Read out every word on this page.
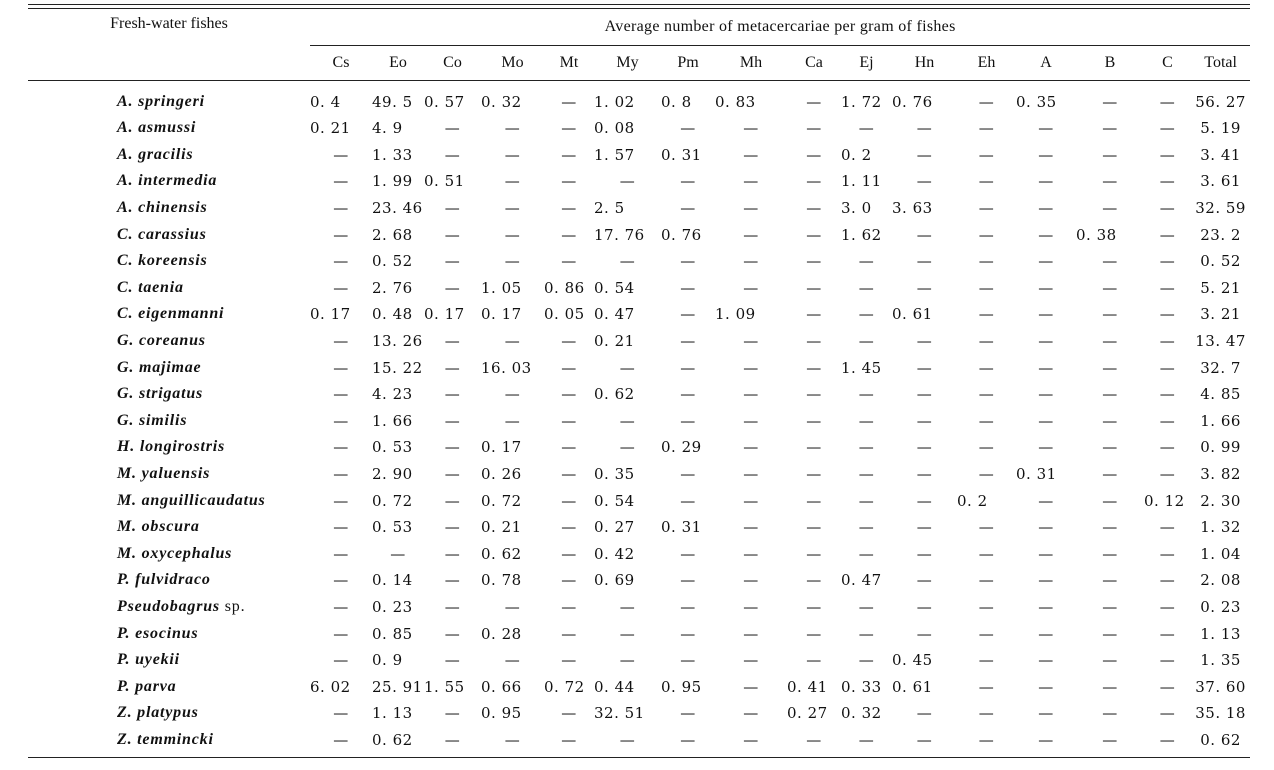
Fresh-water fishes	Average number of metacercariae per gram of fishes															
	Cs	Eo	Co	Mo	Mt	My	Pm	Mh	Ca	Ej	Hn	Eh	A	B	C	Total
A. springeri	0. 4	49. 5	0. 57	0. 32	—	1. 02	0. 8	0. 83	—	1. 72	0. 76	—	0. 35	—	—	56. 27
A. asmussi	0. 21	4. 9	—	—	—	0. 08	—	—	—	—	—	—	—	—	—	5. 19
A. gracilis	—	1. 33	—	—	—	1. 57	0. 31	—	—	0. 2	—	—	—	—	—	3. 41
A. intermedia	—	1. 99	0. 51	—	—	—	—	—	—	1. 11	—	—	—	—	—	3. 61
A. chinensis	—	23. 46	—	—	—	2. 5	—	—	—	3. 0	3. 63	—	—	—	—	32. 59
C. carassius	—	2. 68	—	—	—	17. 76	0. 76	—	—	1. 62	—	—	—	0. 38	—	23. 2
C. koreensis	—	0. 52	—	—	—	—	—	—	—	—	—	—	—	—	—	0. 52
C. taenia	—	2. 76	—	1. 05	0. 86	0. 54	—	—	—	—	—	—	—	—	—	5. 21
C. eigenmanni	0. 17	0. 48	0. 17	0. 17	0. 05	0. 47	—	1. 09	—	—	0. 61	—	—	—	—	3. 21
G. coreanus	—	13. 26	—	—	—	0. 21	—	—	—	—	—	—	—	—	—	13. 47
G. majimae	—	15. 22	—	16. 03	—	—	—	—	—	1. 45	—	—	—	—	—	32. 7
G. strigatus	—	4. 23	—	—	—	0. 62	—	—	—	—	—	—	—	—	—	4. 85
G. similis	—	1. 66	—	—	—	—	—	—	—	—	—	—	—	—	—	1. 66
H. longirostris	—	0. 53	—	0. 17	—	—	0. 29	—	—	—	—	—	—	—	—	0. 99
M. yaluensis	—	2. 90	—	0. 26	—	0. 35	—	—	—	—	—	—	0. 31	—	—	3. 82
M. anguillicaudatus	—	0. 72	—	0. 72	—	0. 54	—	—	—	—	—	0. 2	—	—	0. 12	2. 30
M. obscura	—	0. 53	—	0. 21	—	0. 27	0. 31	—	—	—	—	—	—	—	—	1. 32
M. oxycephalus	—	—	—	0. 62	—	0. 42	—	—	—	—	—	—	—	—	—	1. 04
P. fulvidraco	—	0. 14	—	0. 78	—	0. 69	—	—	—	0. 47	—	—	—	—	—	2. 08
Pseudobagrus sp.	—	0. 23	—	—	—	—	—	—	—	—	—	—	—	—	—	0. 23
P. esocinus	—	0. 85	—	0. 28	—	—	—	—	—	—	—	—	—	—	—	1. 13
P. uyekii	—	0. 9	—	—	—	—	—	—	—	—	0. 45	—	—	—	—	1. 35
P. parva	6. 02	25. 91	1. 55	0. 66	0. 72	0. 44	0. 95	—	0. 41	0. 33	0. 61	—	—	—	—	37. 60
Z. platypus	—	1. 13	—	0. 95	—	32. 51	—	—	0. 27	0. 32	—	—	—	—	—	35. 18
Z. temmincki	—	0. 62	—	—	—	—	—	—	—	—	—	—	—	—	—	0. 62
